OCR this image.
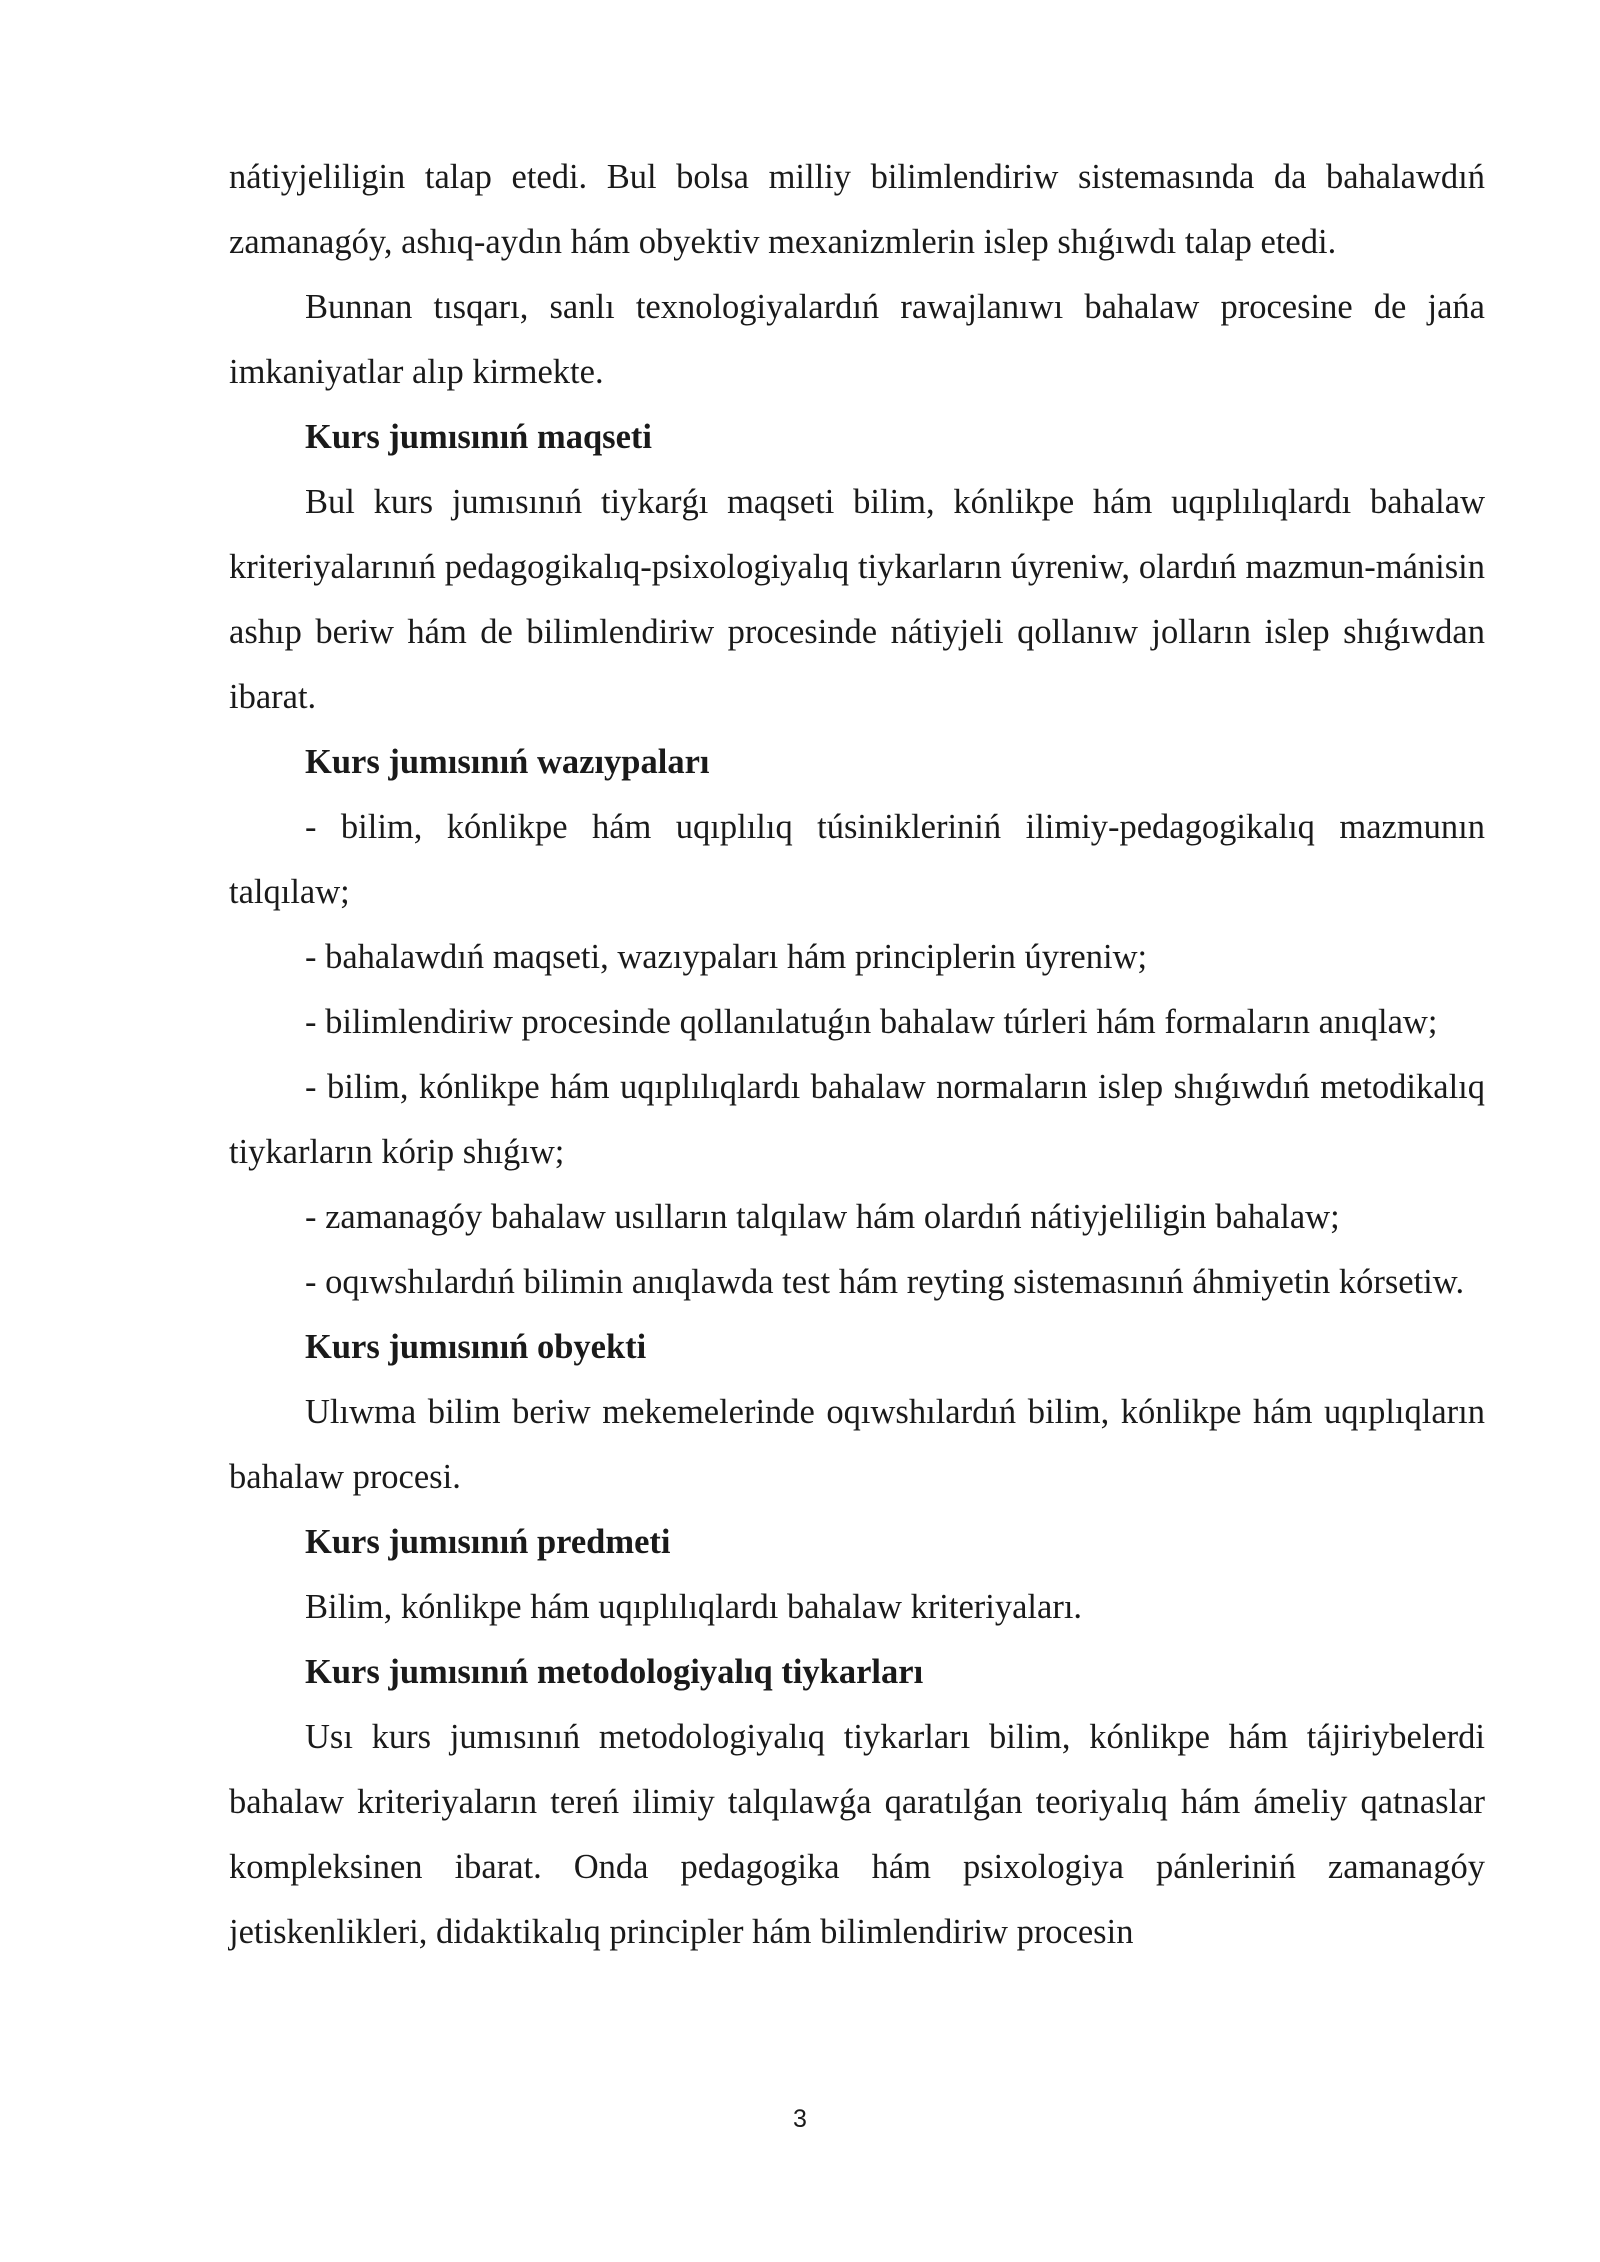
nátiyjeliligin talap etedi. Bul bolsa milliy bilimlendiriw sistemasında da bahalawdıń zamanagóy, ashıq-aydın hám obyektiv mexanizmlerin islep shıǵıwdı talap etedi.

Bunnan tısqarı, sanlı texnologiyalardıń rawajlanıwı bahalaw procesine de jańa imkaniyatlar alıp kirmekte.

Kurs jumısınıń maqseti

Bul kurs jumısınıń tiykarǵı maqseti bilim, kónlikpe hám uqıplılıqlardı bahalaw kriteriyalarınıń pedagogikalıq-psixologiyalıq tiykarların úyreniw, olardıń mazmun-mánisin ashıp beriw hám de bilimlendiriw procesinde nátiyjeli qollanıw jolların islep shıǵıwdan ibarat.

Kurs jumısınıń wazıypaları

- bilim, kónlikpe hám uqıplılıq túsinikleriniń ilimiy-pedagogikalıq mazmunın talqılaw;

- bahalawdıń maqseti, wazıypaları hám principlerin úyreniw;

- bilimlendiriw procesinde qollanılatuǵın bahalaw túrleri hám formaların anıqlaw;

- bilim, kónlikpe hám uqıplılıqlardı bahalaw normaların islep shıǵıwdıń metodikalıq tiykarların kórip shıǵıw;

- zamanagóy bahalaw usılların talqılaw hám olardıń nátiyjeliligin bahalaw;

- oqıwshılardıń bilimin anıqlawda test hám reyting sistemasınıń áhmiyetin kórsetiw.

Kurs jumısınıń obyekti

Ulıwma bilim beriw mekemelerinde oqıwshılardıń bilim, kónlikpe hám uqıplıqların bahalaw procesi.

Kurs jumısınıń predmeti

Bilim, kónlikpe hám uqıplılıqlardı bahalaw kriteriyaları.

Kurs jumısınıń metodologiyalıq tiykarları

Usı kurs jumısınıń metodologiyalıq tiykarları bilim, kónlikpe hám tájiriybelerdi bahalaw kriteriyaların tereń ilimiy talqılawǵa qaratılǵan teoriyalıq hám ámeliy qatnaslar kompleksinen ibarat. Onda pedagogika hám psixologiya pánleriniń zamanagóy jetiskenlikleri, didaktikalıq principler hám bilimlendiriw procesin

3
